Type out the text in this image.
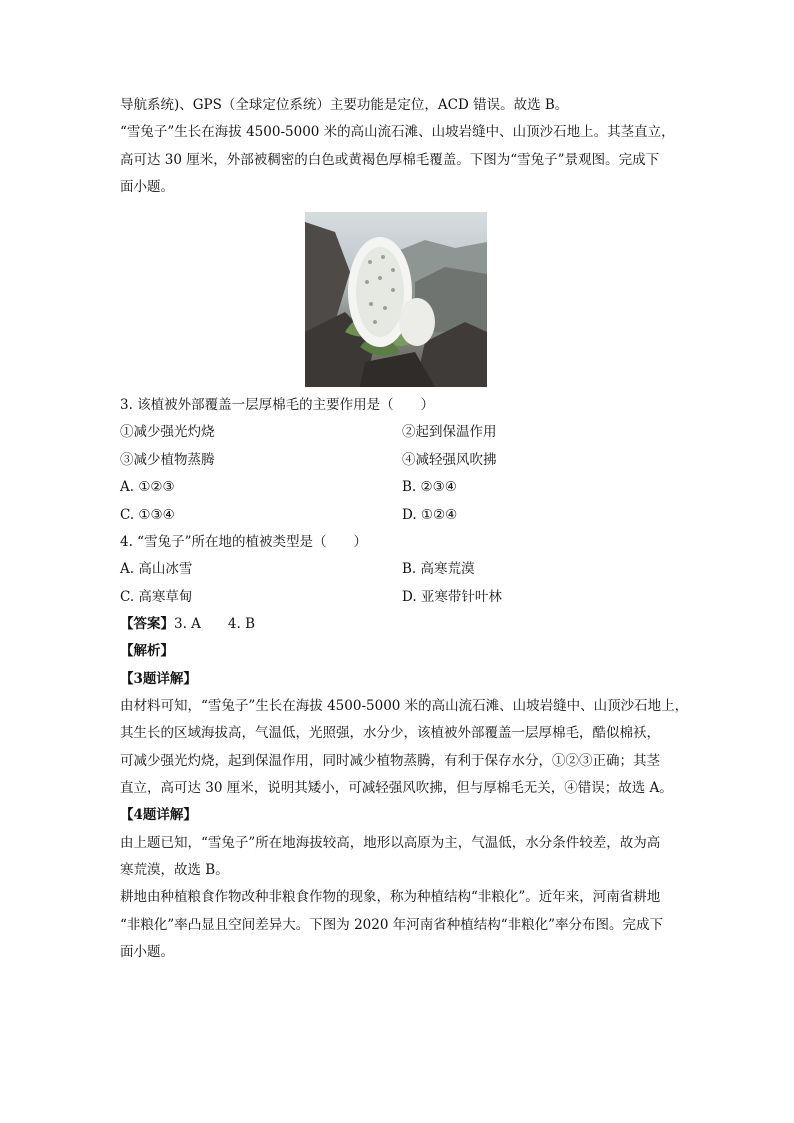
导航系统)、GPS（全球定位系统）主要功能是定位，ACD 错误。故选 B。
“雪兔子”生长在海拔 4500-5000 米的高山流石滩、山坡岩缝中、山顶沙石地上。其茎直立，
高可达 30 厘米，外部被稠密的白色或黄褐色厚棉毛覆盖。下图为“雪兔子”景观图。完成下
面小题。
3. 该植被外部覆盖一层厚棉毛的主要作用是（　　）
①减少强光灼烧	②起到保温作用
③减少植物蒸腾	④减轻强风吹拂
A. ①②③	B. ②③④
C. ①③④	D. ①②④
4. “雪兔子”所在地的植被类型是（　　）
A. 高山冰雪	B. 高寒荒漠
C. 高寒草甸	D. 亚寒带针叶林
【答案】3. A　　4. B
【解析】
【3题详解】
由材料可知，“雪兔子”生长在海拔 4500-5000 米的高山流石滩、山坡岩缝中、山顶沙石地上，
其生长的区域海拔高，气温低，光照强，水分少，该植被外部覆盖一层厚棉毛，酷似棉袄，
可减少强光灼烧，起到保温作用，同时减少植物蒸腾，有利于保存水分，①②③正确；其茎
直立，高可达 30 厘米，说明其矮小，可减轻强风吹拂，但与厚棉毛无关，④错误；故选 A。
【4题详解】
由上题已知，“雪兔子”所在地海拔较高，地形以高原为主，气温低，水分条件较差，故为高
寒荒漠，故选 B。
耕地由种植粮食作物改种非粮食作物的现象，称为种植结构“非粮化”。近年来，河南省耕地
“非粮化”率凸显且空间差异大。下图为 2020 年河南省种植结构“非粮化”率分布图。完成下
面小题。
